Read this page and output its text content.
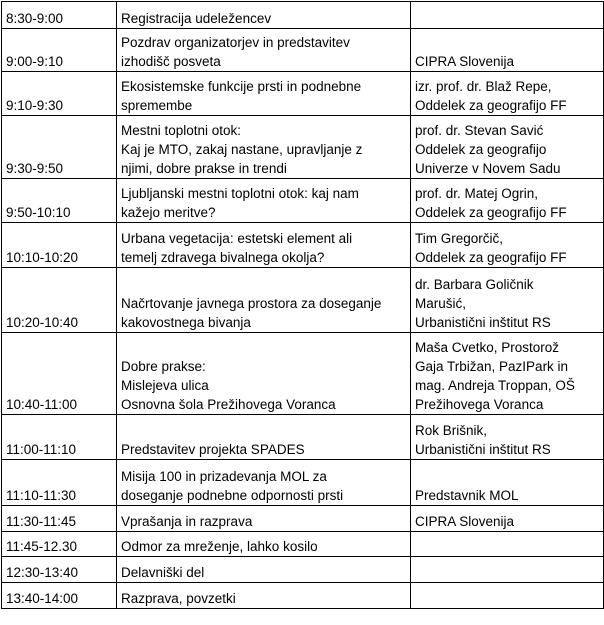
8:30-9:00	Registracija udeležencev	

9:00-9:10	Pozdrav organizatorjev in predstavitev
izhodišč posveta	CIPRA Slovenija

9:10-9:30	Ekosistemske funkcije prsti in podnebne
spremembe	izr. prof. dr. Blaž Repe,
Oddelek za geografijo FF

9:30-9:50	Mestni toplotni otok:
Kaj je MTO, zakaj nastane, upravljanje z
njimi, dobre prakse in trendi	prof. dr. Stevan Savić
Oddelek za geografijo
Univerze v Novem Sadu

9:50-10:10	Ljubljanski mestni toplotni otok: kaj nam
kažejo meritve?	prof. dr. Matej Ogrin,
Oddelek za geografijo FF

10:10-10:20	Urbana vegetacija: estetski element ali
temelj zdravega bivalnega okolja?	Tim Gregorčič,
Oddelek za geografijo FF

10:20-10:40	Načrtovanje javnega prostora za doseganje
kakovostnega bivanja	dr. Barbara Goličnik
Marušić,
Urbanistični inštitut RS

10:40-11:00	Dobre prakse:
Mislejeva ulica
Osnovna šola Prežihovega Voranca	Maša Cvetko, Prostorož
Gaja Trbižan, PazIPark in
mag. Andreja Troppan, OŠ
Prežihovega Voranca

11:00-11:10	Predstavitev projekta SPADES	Rok Brišnik,
Urbanistični inštitut RS

11:10-11:30	Misija 100 in prizadevanja MOL za
doseganje podnebne odpornosti prsti	Predstavnik MOL

11:30-11:45	Vprašanja in razprava	CIPRA Slovenija

11:45-12.30	Odmor za mreženje, lahko kosilo	

12:30-13:40	Delavniški del	

13:40-14:00	Razprava, povzetki	
